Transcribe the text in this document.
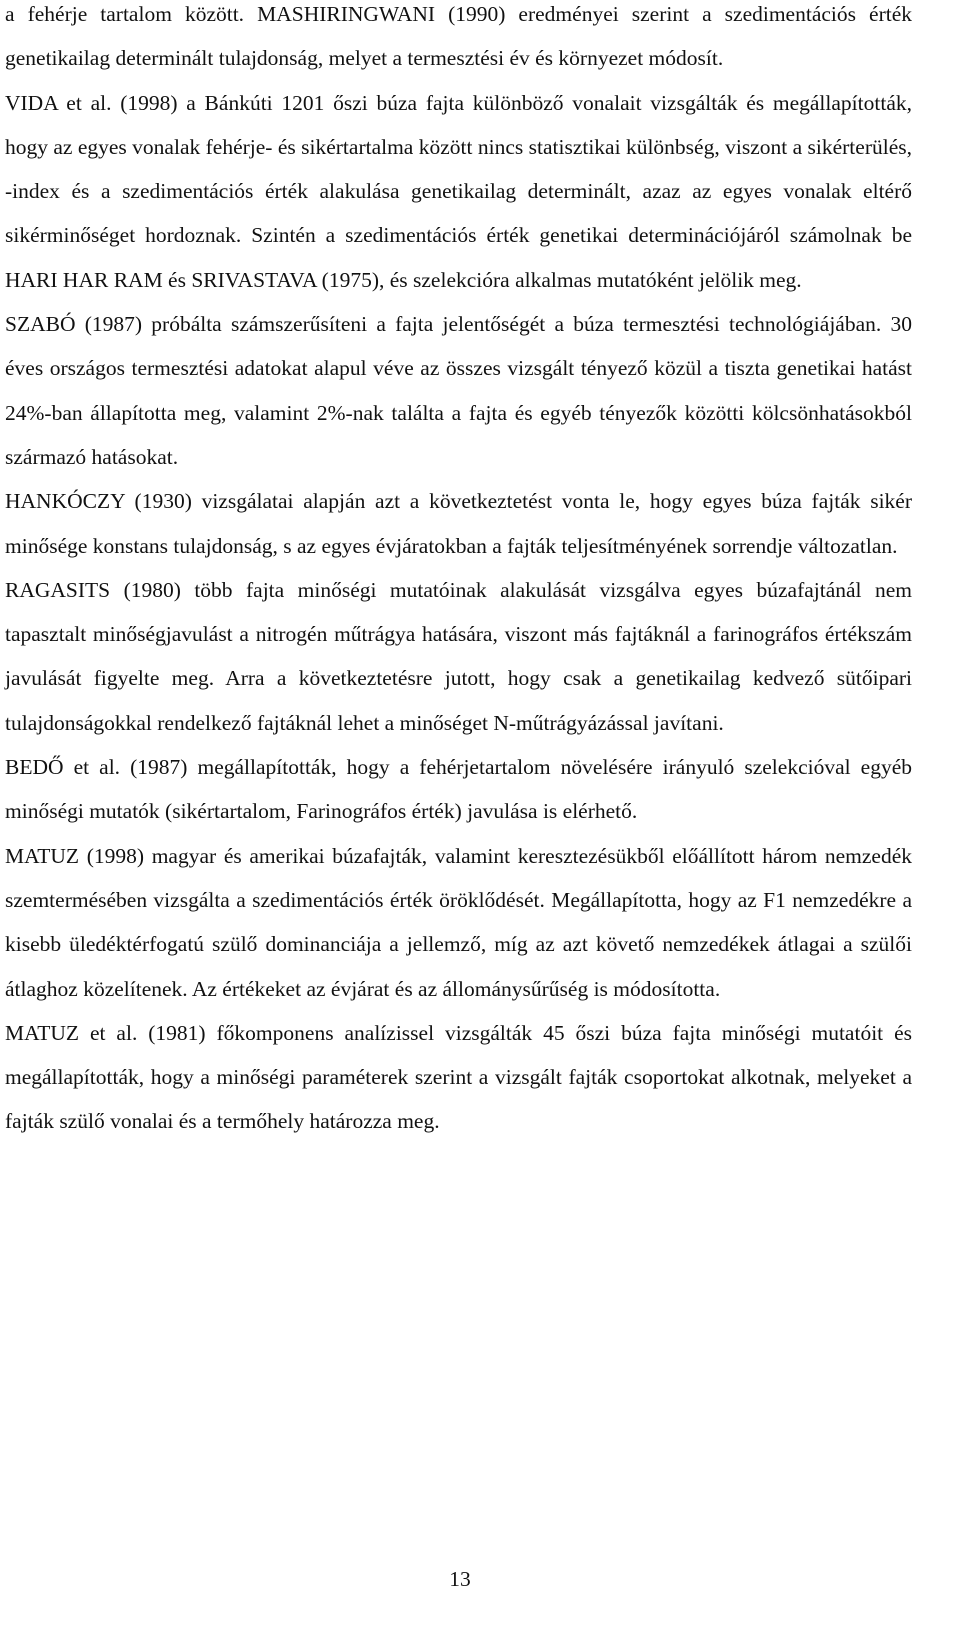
a fehérje tartalom között. MASHIRINGWANI (1990) eredményei szerint a szedimentációs érték genetikailag determinált tulajdonság, melyet a termesztési év és környezet módosít.

VIDA et al. (1998) a Bánkúti 1201 őszi búza fajta különböző vonalait vizsgálták és megállapították, hogy az egyes vonalak fehérje- és sikértartalma között nincs statisztikai különbség, viszont a sikérterülés, -index és a szedimentációs érték alakulása genetikailag determinált, azaz az egyes vonalak eltérő sikérminőséget hordoznak. Szintén a szedimentációs érték genetikai determinációjáról számolnak be HARI HAR RAM és SRIVASTAVA (1975), és szelekcióra alkalmas mutatóként jelölik meg.

SZABÓ (1987) próbálta számszerűsíteni a fajta jelentőségét a búza termesztési technológiájában. 30 éves országos termesztési adatokat alapul véve az összes vizsgált tényező közül a tiszta genetikai hatást 24%-ban állapította meg, valamint 2%-nak találta a fajta és egyéb tényezők közötti kölcsönhatásokból származó hatásokat.

HANKÓCZY (1930) vizsgálatai alapján azt a következtetést vonta le, hogy egyes búza fajták sikér minősége konstans tulajdonság, s az egyes évjáratokban a fajták teljesítményének sorrendje változatlan.

RAGASITS (1980) több fajta minőségi mutatóinak alakulását vizsgálva egyes búzafajtánál nem tapasztalt minőségjavulást a nitrogén műtrágya hatására, viszont más fajtáknál a farinográfos értékszám javulását figyelte meg. Arra a következtetésre jutott, hogy csak a genetikailag kedvező sütőipari tulajdonságokkal rendelkező fajtáknál lehet a minőséget N-műtrágyázással javítani.

BEDŐ et al. (1987) megállapították, hogy a fehérjetartalom növelésére irányuló szelekcióval egyéb minőségi mutatók (sikértartalom, Farinográfos érték) javulása is elérhető.

MATUZ (1998) magyar és amerikai búzafajták, valamint keresztezésükből előállított három nemzedék szemtermésében vizsgálta a szedimentációs érték öröklődését. Megállapította, hogy az F1 nemzedékre a kisebb üledéktérfogatú szülő dominanciája a jellemző, míg az azt követő nemzedékek átlagai a szülői átlaghoz közelítenek. Az értékeket az évjárat és az állománysűrűség is módosította.

MATUZ et al. (1981) főkomponens analízissel vizsgálták 45 őszi búza fajta minőségi mutatóit és megállapították, hogy a minőségi paraméterek szerint a vizsgált fajták csoportokat alkotnak, melyeket a fajták szülő vonalai és a termőhely határozza meg.

13
